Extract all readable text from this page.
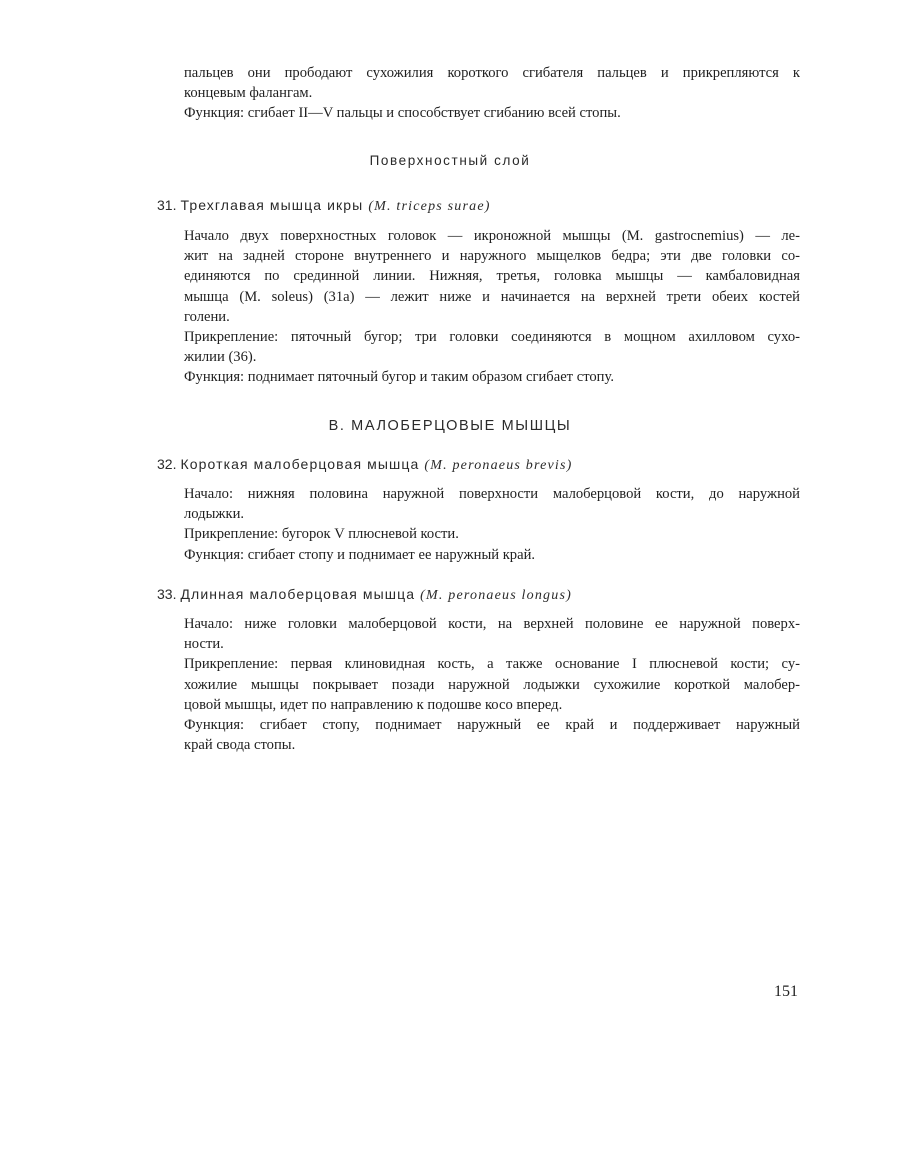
пальцев они прободают сухожилия короткого сгибателя пальцев и прикрепляются к
концевым фалангам.
Функция: сгибает II—V пальцы и способствует сгибанию всей стопы.
Поверхностный слой
31. Трехглавая мышца икры (M. triceps surae)
Начало двух поверхностных головок — икроножной мышцы (M. gastrocnemius) — ле-
жит на задней стороне внутреннего и наружного мыщелков бедра; эти две головки со-
единяются по срединной линии. Нижняя, третья, головка мышцы — камбаловидная
мышца (M. soleus) (31a) — лежит ниже и начинается на верхней трети обеих костей
голени.
Прикрепление: пяточный бугор; три головки соединяются в мощном ахилловом сухо-
жилии (36).
Функция: поднимает пяточный бугор и таким образом сгибает стопу.
В. МАЛОБЕРЦОВЫЕ МЫШЦЫ
32. Короткая малоберцовая мышца (M. peronaeus brevis)
Начало: нижняя половина наружной поверхности малоберцовой кости, до наружной
лодыжки.
Прикрепление: бугорок V плюсневой кости.
Функция: сгибает стопу и поднимает ее наружный край.
33. Длинная малоберцовая мышца (M. peronaeus longus)
Начало: ниже головки малоберцовой кости, на верхней половине ее наружной поверх-
ности.
Прикрепление: первая клиновидная кость, а также основание I плюсневой кости; су-
хожилие мышцы покрывает позади наружной лодыжки сухожилие короткой малобер-
цовой мышцы, идет по направлению к подошве косо вперед.
Функция: сгибает стопу, поднимает наружный ее край и поддерживает наружный
край свода стопы.
151
